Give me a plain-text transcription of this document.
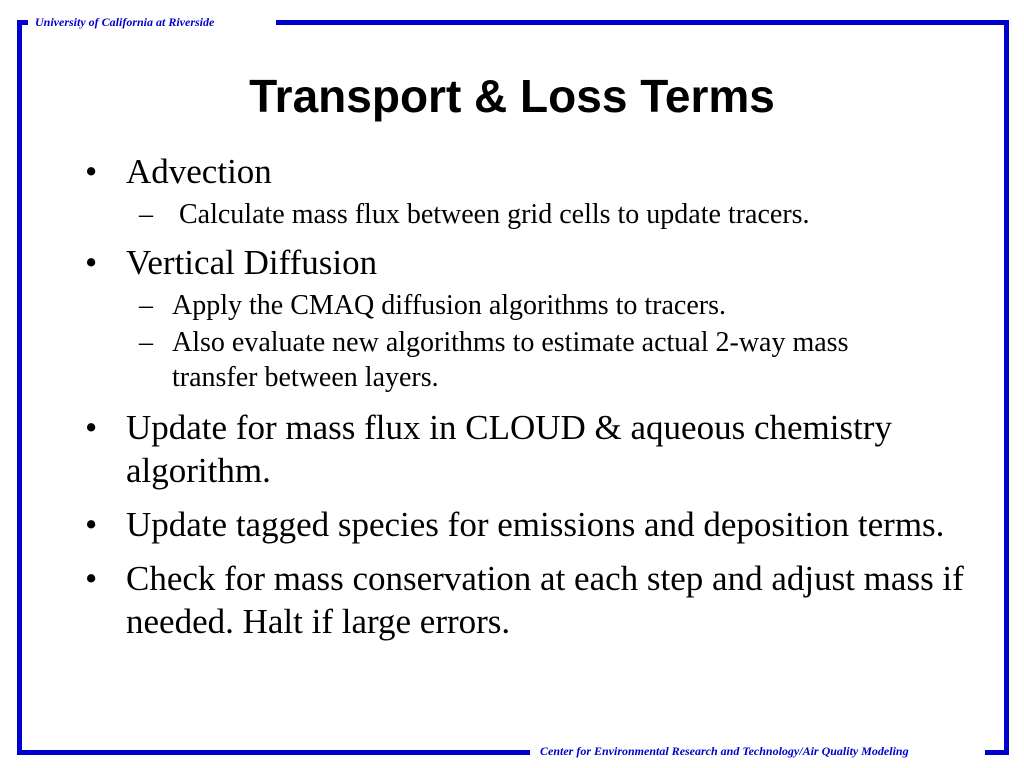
University of California at Riverside
Center for Environmental Research and Technology/Air Quality Modeling
Transport & Loss Terms
• Advection
– Calculate mass flux between grid cells to update tracers.
• Vertical Diffusion
– Apply the CMAQ diffusion algorithms to tracers.
– Also evaluate new algorithms to estimate actual 2-way mass transfer between layers.
• Update for mass flux in CLOUD & aqueous chemistry algorithm.
• Update tagged species for emissions and deposition terms.
• Check for mass conservation at each step and adjust mass if needed. Halt if large errors.
